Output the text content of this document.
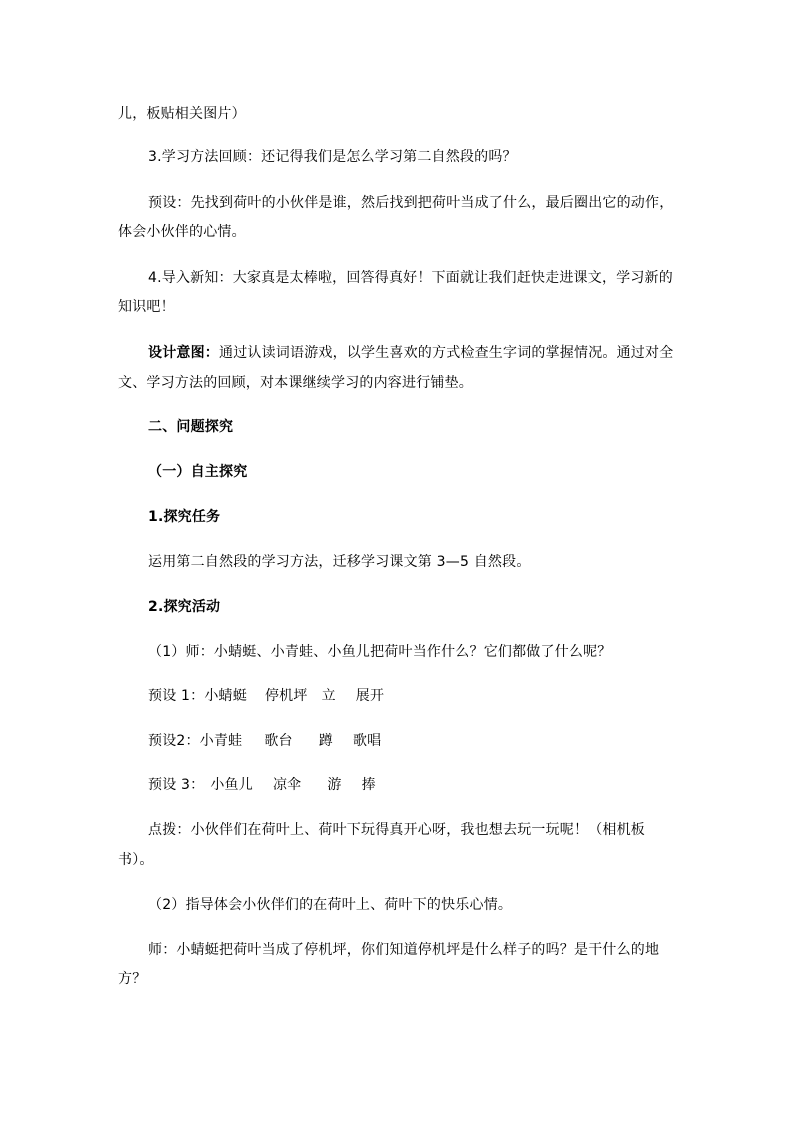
儿，板贴相关图片）
3.学习方法回顾：还记得我们是怎么学习第二自然段的吗？
预设：先找到荷叶的小伙伴是谁，然后找到把荷叶当成了什么，最后圈出它的动作，
体会小伙伴的心情。
4.导入新知：大家真是太棒啦，回答得真好！下面就让我们赶快走进课文，学习新的
知识吧！
设计意图：通过认读词语游戏，以学生喜欢的方式检查生字词的掌握情况。通过对全
文、学习方法的回顾，对本课继续学习的内容进行铺垫。
二、问题探究
（一）自主探究
1.探究任务
运用第二自然段的学习方法，迁移学习课文第 3—5 自然段。
2.探究活动
（1）师：小蜻蜓、小青蛙、小鱼儿把荷叶当作什么？它们都做了什么呢？
预设 1：小蜻蜓 停机坪 立 展开
预设2：小青蛙 歌台 蹲 歌唱
预设 3： 小鱼儿 凉伞 游 捧
点拨：小伙伴们在荷叶上、荷叶下玩得真开心呀，我也想去玩一玩呢！（相机板
书）。
（2）指导体会小伙伴们的在荷叶上、荷叶下的快乐心情。
师：小蜻蜓把荷叶当成了停机坪，你们知道停机坪是什么样子的吗？是干什么的地
方？
